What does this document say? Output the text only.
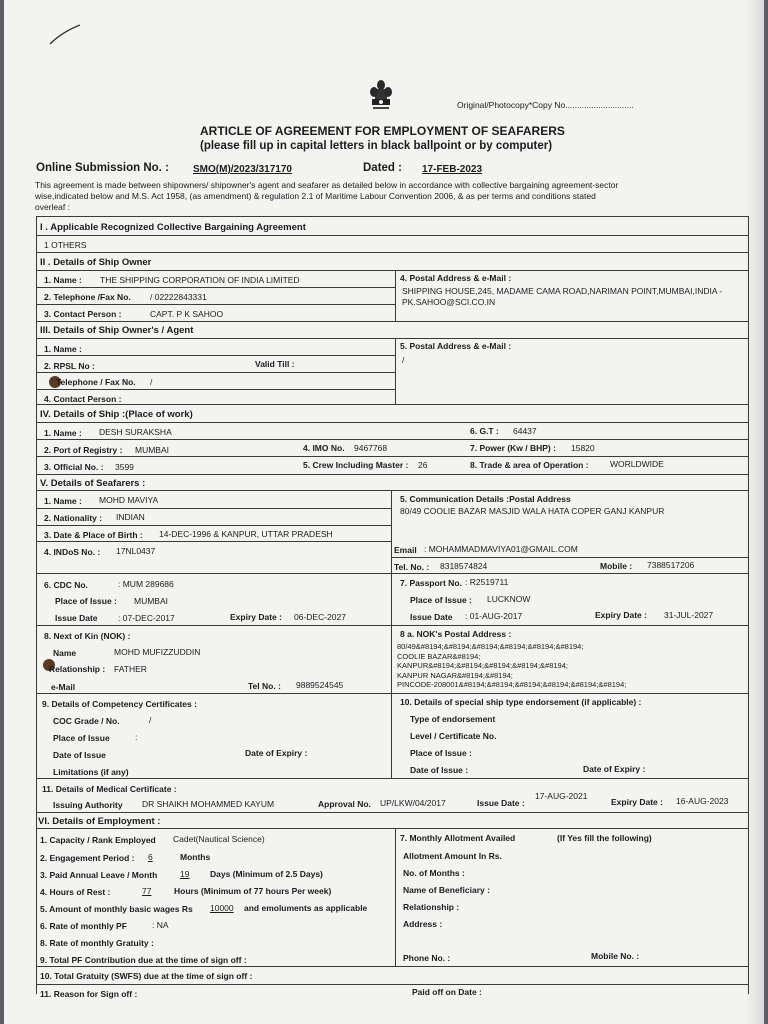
Original/Photocopy*Copy No.............................
ARTICLE OF AGREEMENT FOR EMPLOYMENT OF SEAFARERS
(please fill up in capital letters in black ballpoint or by computer)
Online Submission No. : SMO(M)/2023/317170	Dated : 17-FEB-2023
This agreement is made between shipowners/ shipowner's agent and seafarer as detailed below in accordance with collective bargaining agreement-sector
wise,indicated below and M.S. Act 1958, (as amendment) & regulation 2.1 of Maritime Labour Convention 2006, & as per terms and conditions stated
overleaf :
I . Applicable Recognized Collective Bargaining Agreement
1 OTHERS
II . Details of Ship Owner
1. Name : THE SHIPPING CORPORATION OF INDIA LIMITED	4. Postal Address & e-Mail :
SHIPPING HOUSE,245, MADAME CAMA ROAD,NARIMAN POINT,MUMBAI,INDIA -
PK.SAHOO@SCI.CO.IN
2. Telephone /Fax No. / 02222843331
3. Contact Person :	CAPT. P K SAHOO
III. Details of Ship Owner's / Agent
1. Name :	5. Postal Address & e-Mail :
/
2. RPSL No :	Valid Till :
Telephone / Fax No. /
4. Contact Person :
IV. Details of Ship :(Place of work)
1. Name : DESH SURAKSHA	6. G.T : 64437
2. Port of Registry : MUMBAI	4. IMO No. 9467768	7. Power (Kw / BHP) : 15820
3. Official No. : 3599	5. Crew Including Master : 26	8. Trade & area of Operation :	WORLDWIDE
V. Details of Seafarers :
1. Name : MOHD MAVIYA	5. Communication Details :Postal Address
80/49 COOLIE BAZAR MASJID WALA HATA COPER GANJ KANPUR
2. Nationality : INDIAN
3. Date & Place of Birth : 14-DEC-1996 & KANPUR, UTTAR PRADESH
4. INDoS No. : 17NL0437	Email : MOHAMMADMAVIYA01@GMAIL.COM
Tel. No. : 8318574824	Mobile : 7388517206
6. CDC No.	: MUM 289686
Place of Issue : MUMBAI
Issue Date : 07-DEC-2017	Expiry Date : 06-DEC-2027
7. Passport No. : R2519711
Place of Issue : LUCKNOW
Issue Date : 01-AUG-2017	Expiry Date : 31-JUL-2027
8. Next of Kin (NOK) :
Name	MOHD MUFIZZUDDIN
Relationship : FATHER
e-Mail	Tel No. : 9889524545
8 a. NOK's Postal Address :
80/49&#8194;&#8194;&#8194;&#8194;&#8194;&#8194;
COOLIE BAZAR&#8194;
KANPUR&#8194;&#8194;&#8194;&#8194;&#8194;
KANPUR NAGAR&#8194;&#8194;
PINCODE-208001&#8194;&#8194;&#8194;&#8194;&#8194;&#8194;
9. Details of Competency Certificates :
COC Grade / No.	/
Place of Issue	:
Date of Issue	Date of Expiry :
Limitations (if any)
10. Details of special ship type endorsement (if applicable) :
Type of endorsement
Level / Certificate No.
Place of Issue :
Date of Issue :	Date of Expiry :
11. Details of Medical Certificate :
Issuing Authority DR SHAIKH MOHAMMED KAYUM	Approval No. UP/LKW/04/2017	Issue Date :
17-AUG-2021
Expiry Date : 16-AUG-2023
VI. Details of Employment :
1. Capacity / Rank Employed Cadet(Nautical Science)
2. Engagement Period : 6	Months
3. Paid Annual Leave / Month	19 Days (Minimum of 2.5 Days)
4. Hours of Rest :	77	Hours (Minimum of 77 hours Per week)
5. Amount of monthly basic wages Rs 10000 and emoluments as applicable
6. Rate of monthly PF	: NA
8. Rate of monthly Gratuity :
9. Total PF Contribution due at the time of sign off :
7. Monthly Allotment Availed	(If Yes fill the following)
Allotment Amount In Rs.
No. of Months :
Name of Beneficiary :
Relationship :
Address :
Phone No. :	Mobile No. :
10. Total Gratuity (SWFS) due at the time of sign off :
11. Reason for Sign off :	Paid off on Date :
